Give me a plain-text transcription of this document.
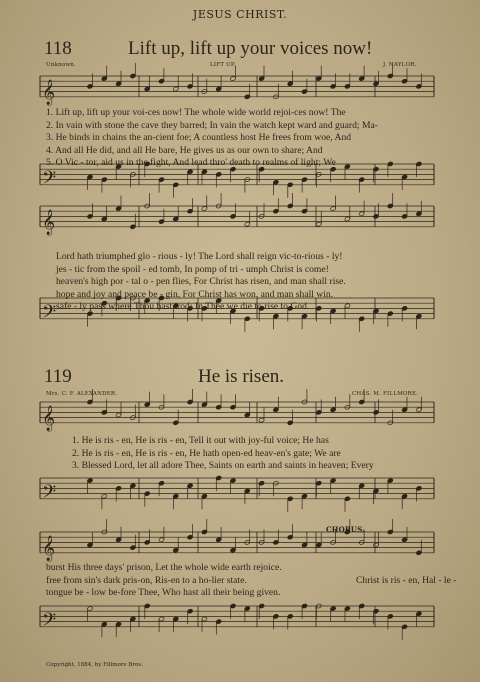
𝄞
𝄢
𝄞
𝄢
𝄞
𝄢
𝄞
𝄢
JESUS CHRIST.
118	Lift up, lift up your voices now!
Unknown.	LIFT UP.	J. NAYLOR.
1. Lift up, lift up your voi-ces now! The whole wide world rejoi-ces now! The
2. In vain with stone the cave they barred; In vain the watch kept ward and guard; Ma-
3. He binds in chains the an-cient foe; A countless host He frees from woe, And
4. And all He did, and all He bare, He gives us as our own to share; And
5. O Vic - tor, aid us in the fight, And lead thro' death to realms of light; We
Lord hath triumphed glo - rious - ly! The Lord shall reign vic-to-rious - ly!
jes - tic from the spoil - ed tomb, In pomp of tri - umph Christ is come!
heaven's high por - tal o - pen flies, For Christ has risen, and man shall rise.
hope and joy and peace be - gin, For Christ has won, and man shall win.
safe - ly pass where Thou hast trod; In Thee we die to rise to God.
119	He is risen.
Mrs. C. F. ALEXANDER.	CHAS. M. FILLMORE.
1. He is ris - en, He is ris - en, Tell it out with joy-ful voice; He has
2. He is ris - en, He is ris - en, He hath open-ed heav-en's gate; We are
3. Blessed Lord, let all adore Thee, Saints on earth and saints in heaven; Every
CHORUS.
burst His three days' prison, Let the whole wide earth rejoice.
free from sin's dark pris-on, Ris-en to a ho-lier state.
tongue be - low be-fore Thee, Who hast all their being given.
Christ is ris - en, Hal - le -
Copyright, 1884, by Fillmore Bros.
